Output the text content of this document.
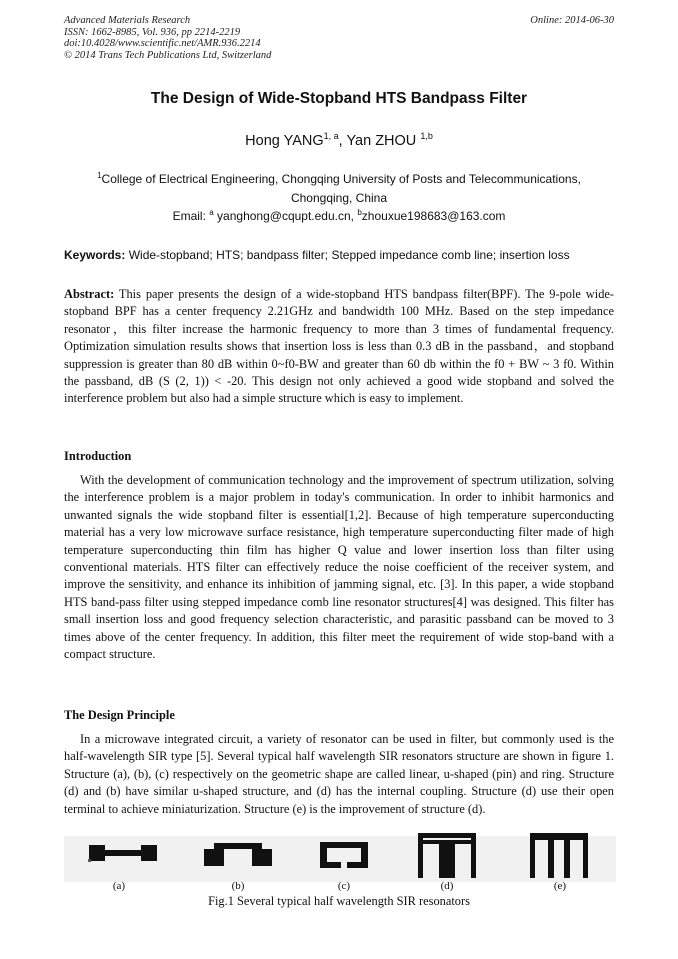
Advanced Materials Research
ISSN: 1662-8985, Vol. 936, pp 2214-2219
doi:10.4028/www.scientific.net/AMR.936.2214
© 2014 Trans Tech Publications Ltd, Switzerland
Online: 2014-06-30
The Design of Wide-Stopband HTS Bandpass Filter
Hong YANG$^{1, a}$, Yan ZHOU $^{1,b}$
$^1$College of Electrical Engineering, Chongqing University of Posts and Telecommunications, Chongqing, China
Email: $^a$ yanghong@cqupt.edu.cn, $^b$zhouxue198683@163.com
Keywords: Wide-stopband; HTS; bandpass filter; Stepped impedance comb line; insertion loss

Abstract: This paper presents the design of a wide-stopband HTS bandpass filter(BPF). The 9-pole wide-stopband BPF has a center frequency 2.21GHz and bandwidth 100 MHz. Based on the step impedance resonator，this filter increase the harmonic frequency to more than 3 times of fundamental frequency. Optimization simulation results shows that insertion loss is less than 0.3 dB in the passband，and stopband suppression is greater than 80 dB within 0~f0-BW and greater than 60 db within the f0 + BW ~ 3 f0. Within the passband, dB (S (2, 1)) < -20. This design not only achieved a good wide stopband and solved the interference problem but also had a simple structure which is easy to implement.

Introduction

With the development of communication technology and the improvement of spectrum utilization, solving the interference problem is a major problem in today's communication. In order to inhibit harmonics and unwanted signals the wide stopband filter is essential[1,2]. Because of high temperature superconducting material has a very low microwave surface resistance, high temperature superconducting filter made of high temperature superconducting thin film has higher Q value and lower insertion loss than filter using conventional materials. HTS filter can effectively reduce the noise coefficient of the receiver system, and improve the sensitivity, and enhance its inhibition of jamming signal, etc. [3]. In this paper, a wide stopband HTS band-pass filter using stepped impedance comb line resonator structures[4] was designed. This filter has small insertion loss and good frequency selection characteristic, and parasitic passband can be moved to 3 times above of the center frequency. In addition, this filter meet the requirement of wide stop-band with a compact structure.

The Design Principle

In a microwave integrated circuit, a variety of resonator can be used in filter, but commonly used is the half-wavelength SIR type [5]. Several typical half wavelength SIR resonators structure are shown in figure 1. Structure (a), (b), (c) respectively on the geometric shape are called linear, u-shaped (pin) and ring. Structure (d) and (b) have similar u-shaped structure, and (d) has the internal coupling. Structure (d) use their open terminal to achieve miniaturization. Structure (e) is the improvement of structure (d).

(a)	(b)	(c)	(d)	(e)
Fig.1 Several typical half wavelength SIR resonators
